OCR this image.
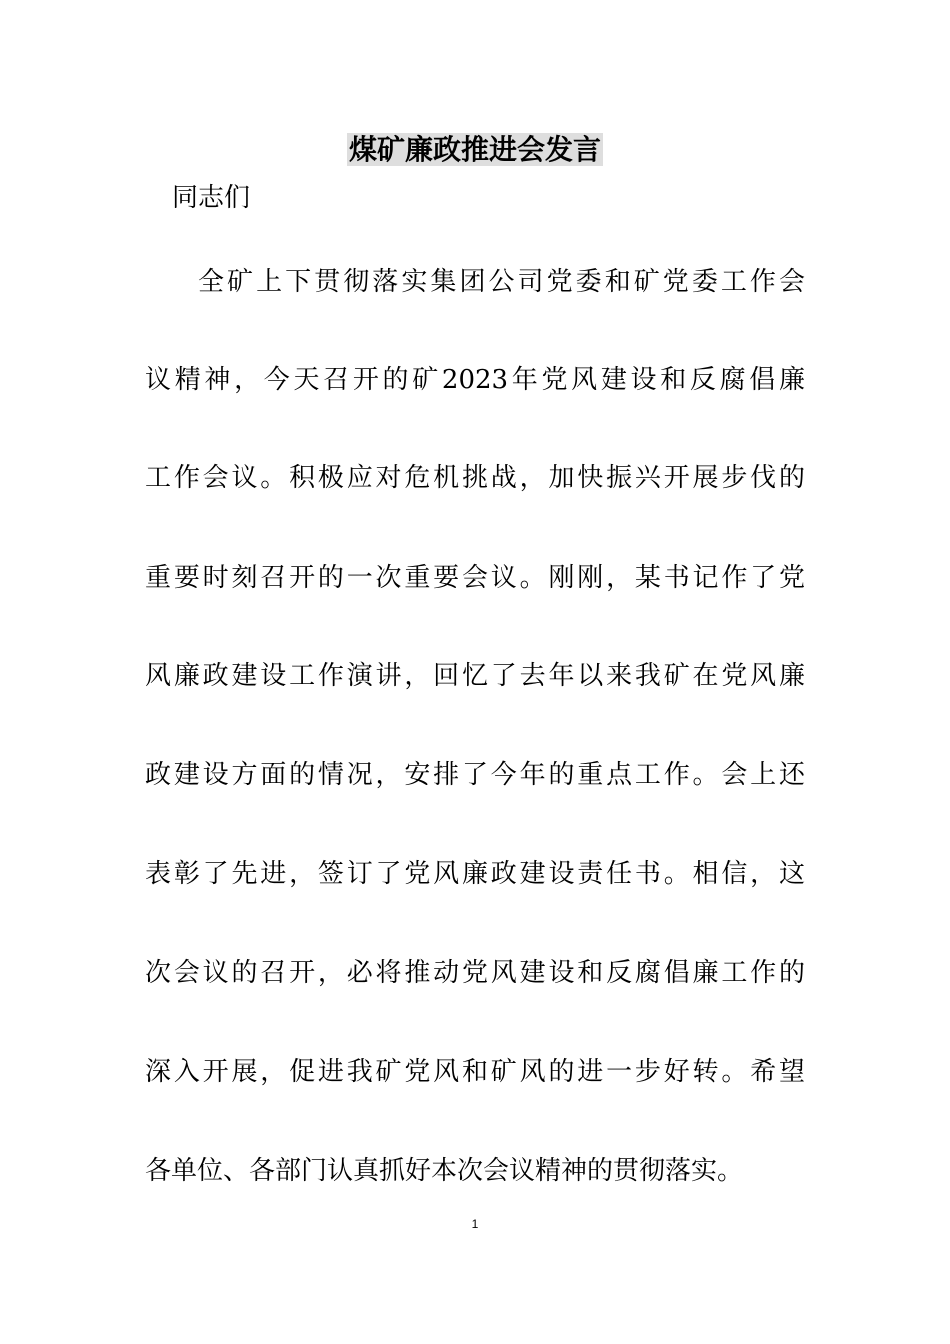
煤矿廉政推进会发言

同志们

全矿上下贯彻落实集团公司党委和矿党委工作会

议精神，今天召开的矿2023年党风建设和反腐倡廉

工作会议。积极应对危机挑战，加快振兴开展步伐的

重要时刻召开的一次重要会议。刚刚，某书记作了党

风廉政建设工作演讲，回忆了去年以来我矿在党风廉

政建设方面的情况，安排了今年的重点工作。会上还

表彰了先进，签订了党风廉政建设责任书。相信，这

次会议的召开，必将推动党风建设和反腐倡廉工作的

深入开展，促进我矿党风和矿风的进一步好转。希望

各单位、各部门认真抓好本次会议精神的贯彻落实。

1
